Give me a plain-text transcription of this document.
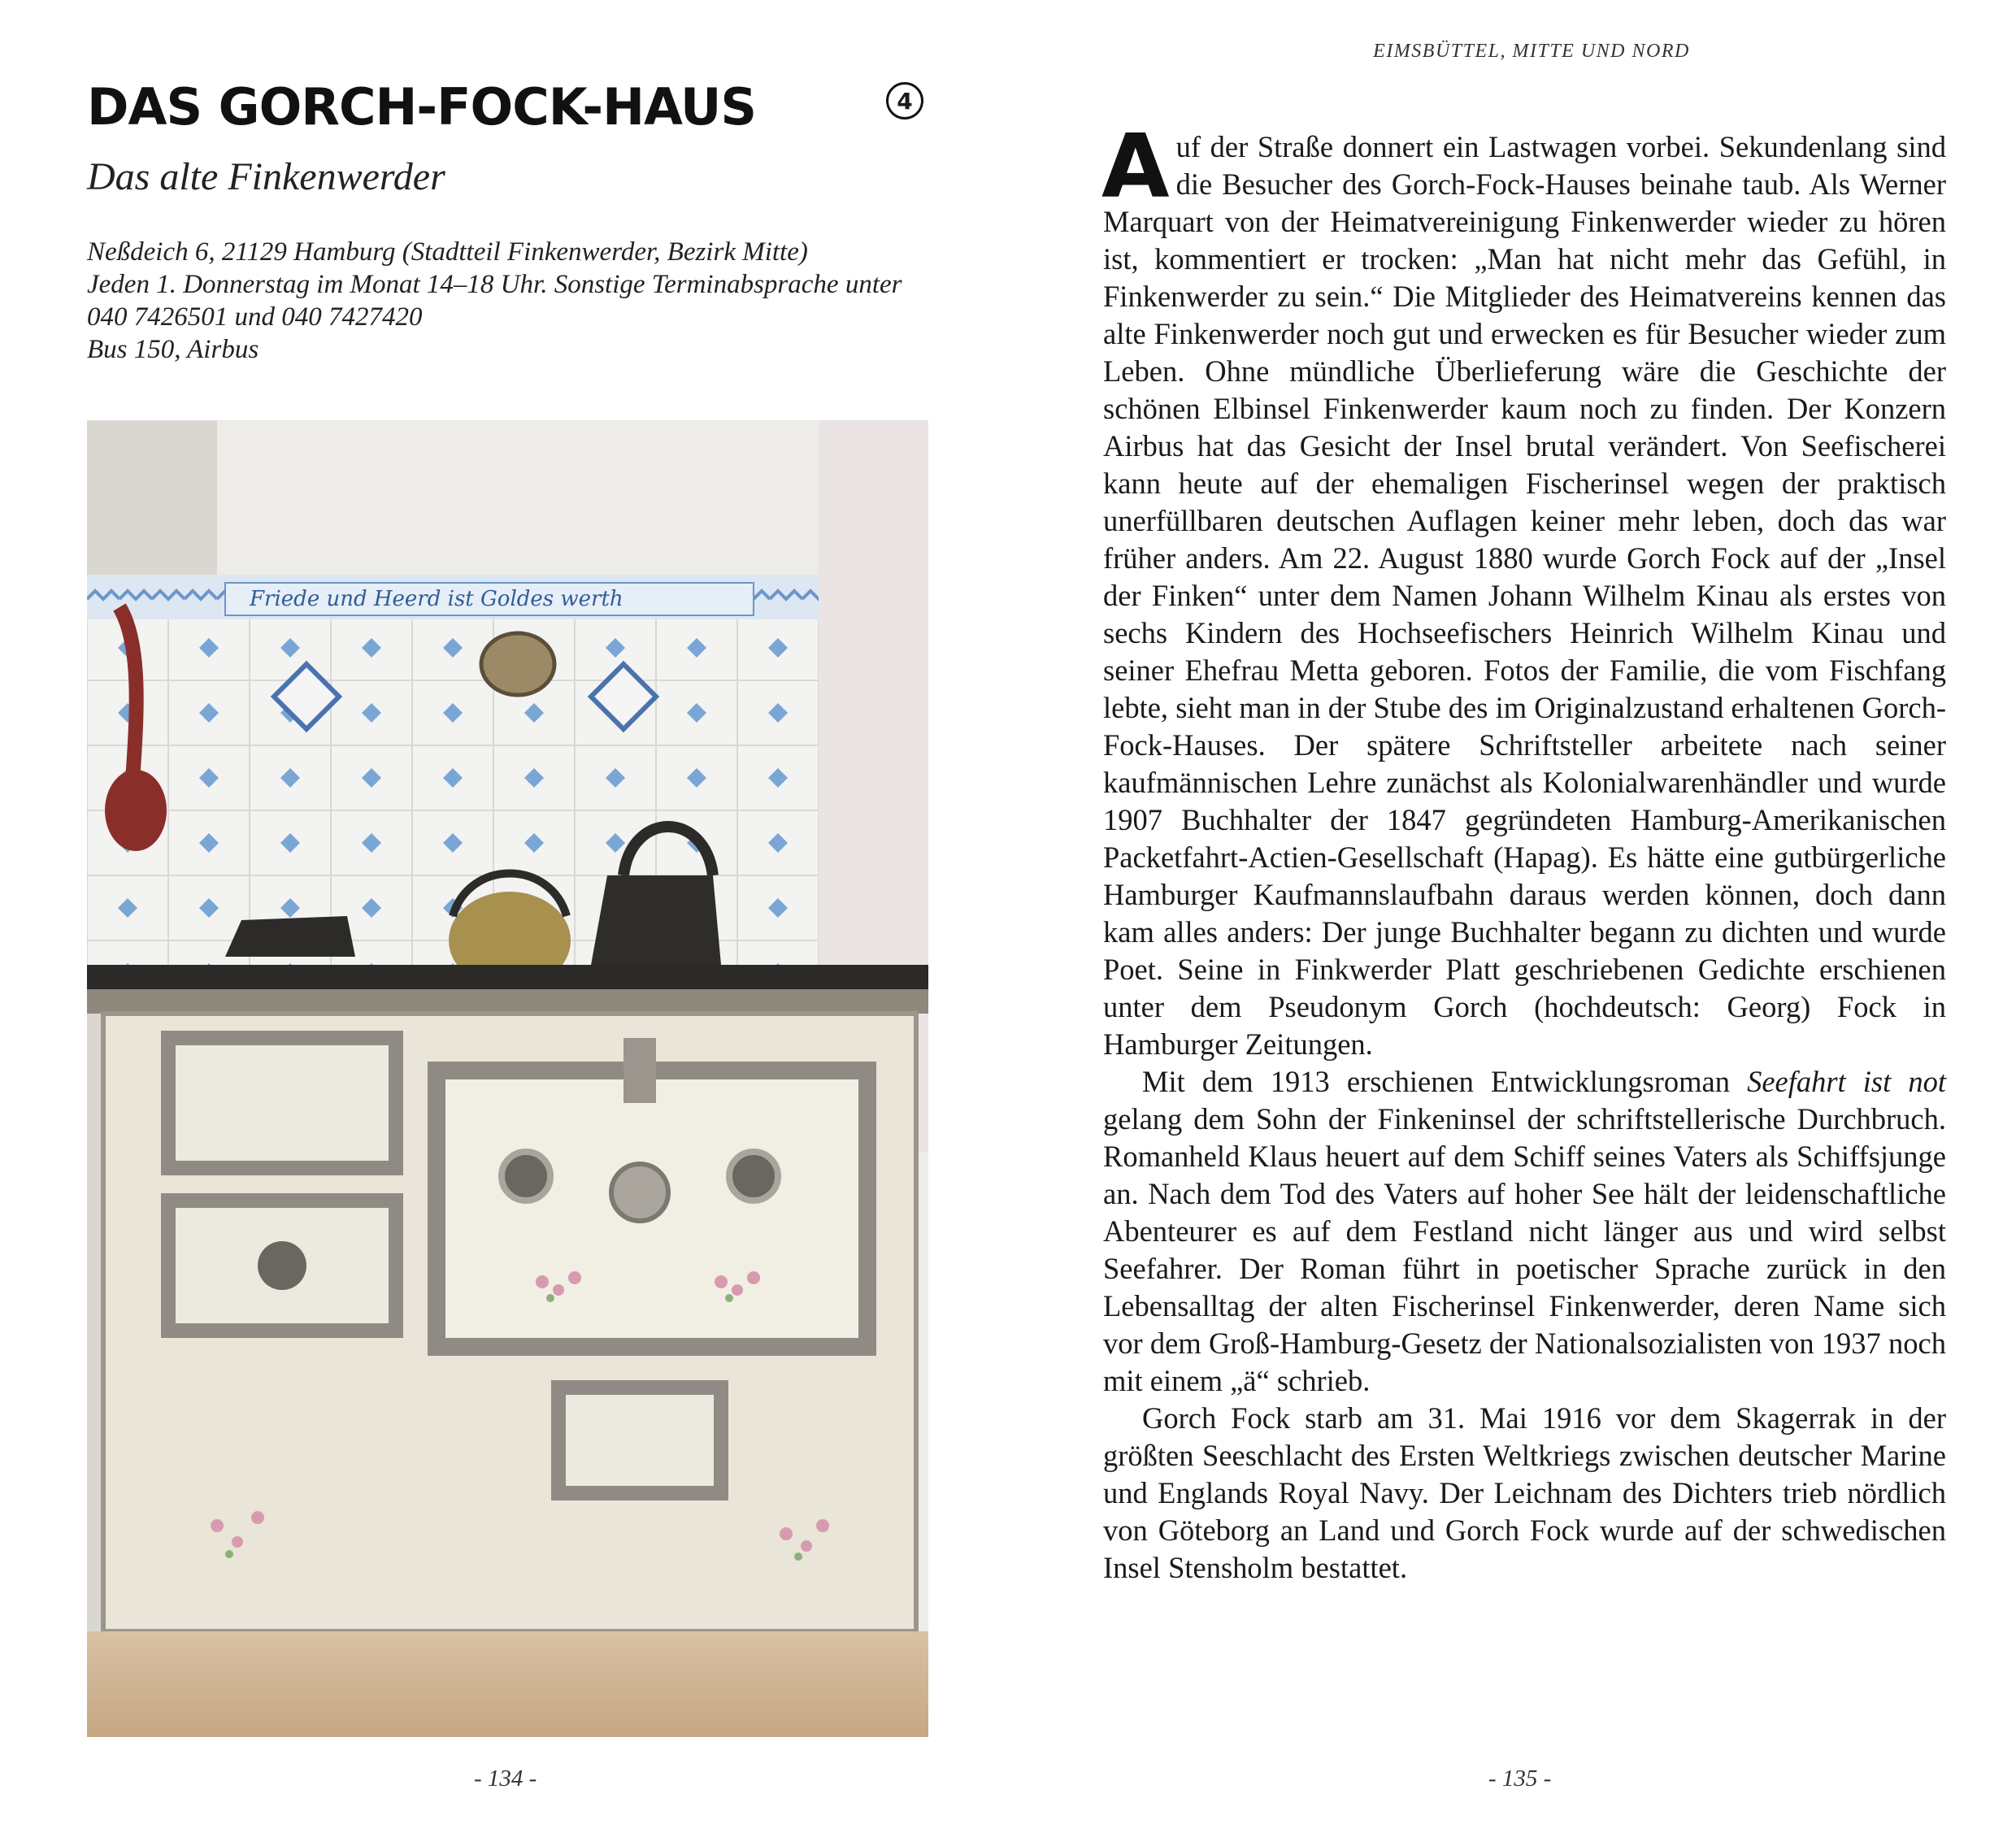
DAS GORCH-FOCK-HAUS	4
Das alte Finkenwerder
Neßdeich 6, 21129 Hamburg (Stadtteil Finkenwerder, Bezirk Mitte)
Jeden 1. Donnerstag im Monat 14–18 Uhr. Sonstige Terminabsprache unter
040 7426501 und 040 7427420
Bus 150, Airbus
Friede und Heerd ist Goldes werth
- 134 -
EIMSBÜTTEL, MITTE UND NORD

Auf der Straße donnert ein Lastwagen vorbei. Sekundenlang sind die Besucher des Gorch-Fock-Hauses beinahe taub. Als Werner Marquart von der Heimatvereinigung Finkenwerder wieder zu hören ist, kommentiert er trocken: „Man hat nicht mehr das Gefühl, in Finkenwerder zu sein.“ Die Mitglieder des Heimatvereins kennen das alte Finkenwerder noch gut und erwecken es für Besucher wieder zum Leben. Ohne mündliche Überlieferung wäre die Geschichte der schönen Elbinsel Finkenwerder kaum noch zu finden. Der Konzern Airbus hat das Gesicht der Insel brutal verändert. Von Seefischerei kann heute auf der ehemaligen Fischerinsel wegen der praktisch unerfüllbaren deutschen Auflagen keiner mehr leben, doch das war früher anders. Am 22. August 1880 wurde Gorch Fock auf der „Insel der Finken“ unter dem Namen Johann Wilhelm Kinau als erstes von sechs Kindern des Hochseefischers Heinrich Wilhelm Kinau und seiner Ehefrau Metta geboren. Fotos der Familie, die vom Fischfang lebte, sieht man in der Stube des im Originalzustand erhaltenen Gorch-Fock-Hauses. Der spätere Schriftsteller arbeitete nach seiner kaufmännischen Lehre zunächst als Kolonialwarenhändler und wurde 1907 Buchhalter der 1847 gegründeten Hamburg-Amerikanischen Packetfahrt-Actien-Gesellschaft (Hapag). Es hätte eine gutbürgerliche Hamburger Kaufmannslaufbahn daraus werden können, doch dann kam alles anders: Der junge Buchhalter begann zu dichten und wurde Poet. Seine in Finkwerder Platt geschriebenen Gedichte erschienen unter dem Pseudonym Gorch (hochdeutsch: Georg) Fock in Hamburger Zeitungen.

Mit dem 1913 erschienen Entwicklungsroman Seefahrt ist not gelang dem Sohn der Finkeninsel der schriftstellerische Durchbruch. Romanheld Klaus heuert auf dem Schiff seines Vaters als Schiffsjunge an. Nach dem Tod des Vaters auf hoher See hält der leidenschaftliche Abenteurer es auf dem Festland nicht länger aus und wird selbst Seefahrer. Der Roman führt in poetischer Sprache zurück in den Lebensalltag der alten Fischerinsel Finkenwerder, deren Name sich vor dem Groß-Hamburg-Gesetz der Nationalsozialisten von 1937 noch mit einem „ä“ schrieb.

Gorch Fock starb am 31. Mai 1916 vor dem Skagerrak in der größten Seeschlacht des Ersten Weltkriegs zwischen deutscher Marine und Englands Royal Navy. Der Leichnam des Dichters trieb nördlich von Göteborg an Land und Gorch Fock wurde auf der schwedischen Insel Stensholm bestattet.

- 135 -
